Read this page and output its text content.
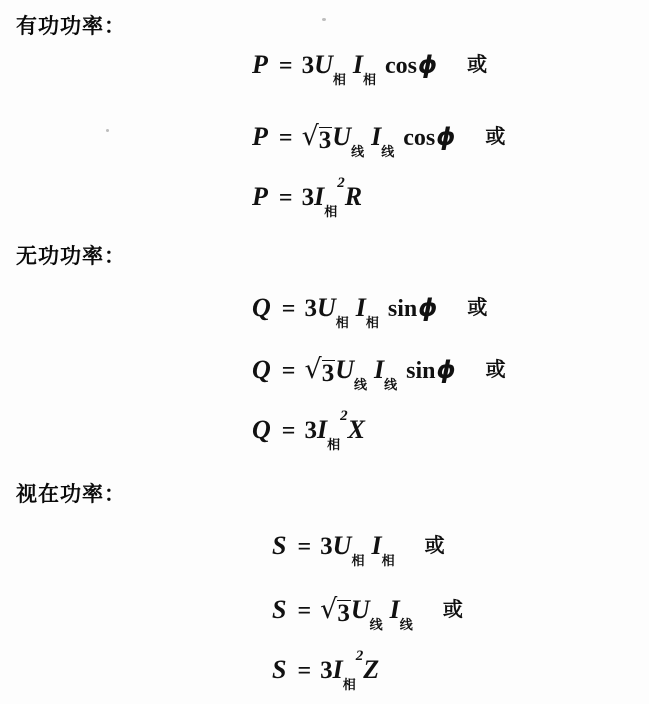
有功功率：
P = 3 $U_相$
$I_相$
cos ϕ 或
P = √ 3 $U_线$
$I_线$
cos ϕ 或
P = 3 $I_相^2$ R
无功功率：
Q = 3 $U_相$
$I_相$
sin ϕ 或
Q = √ 3 $U_线$
$I_线$
sin ϕ 或
Q = 3 $I_相^2$ X
视在功率：
S = 3 $U_相$
$I_相$
或
S = √ 3 $U_线$
$I_线$
或
S = 3 $I_相^2$ Z
